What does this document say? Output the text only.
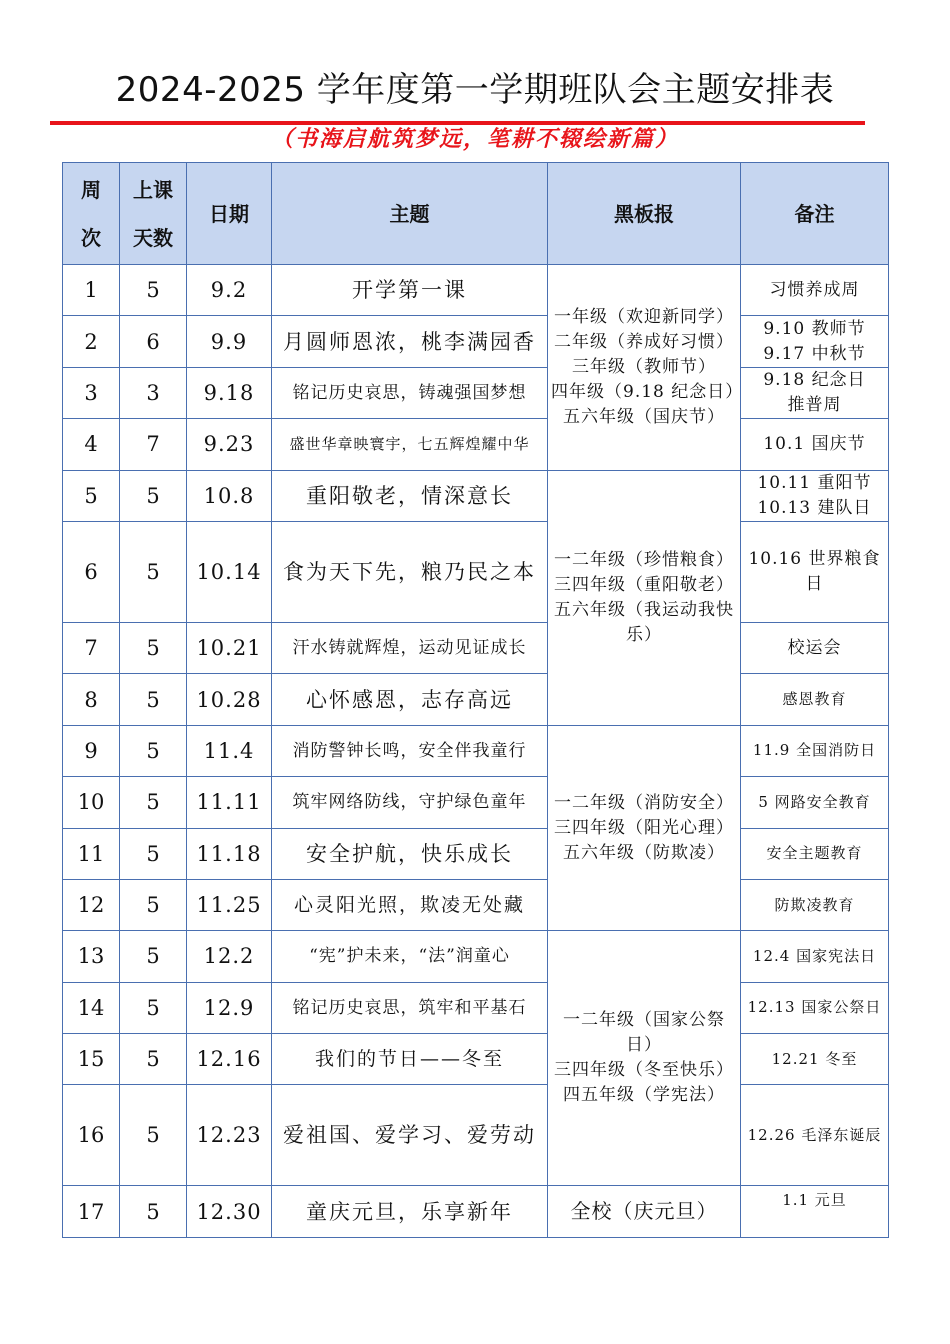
2024-2025 学年度第一学期班队会主题安排表
（书海启航筑梦远，笔耕不辍绘新篇）
周
次	上课
天数	日期	主题	黑板报	备注
1	5	9.2	开学第一课	一年级（欢迎新同学）
二年级（养成好习惯）
三年级（教师节）
四年级（9.18 纪念日）
五六年级（国庆节）	习惯养成周

2	6	9.9	月圆师恩浓，桃李满园香		9.10 教师节
9.17 中秋节

3	3	9.18	铭记历史哀思，铸魂强国梦想		9.18 纪念日
推普周

4	7	9.23	盛世华章映寰宇，七五辉煌耀中华		10.1 国庆节

5	5	10.8	重阳敬老，情深意长	一二年级（珍惜粮食）
三四年级（重阳敬老）
五六年级（我运动我快乐）	10.11 重阳节
10.13 建队日

6	5	10.14	食为天下先，粮乃民之本		10.16 世界粮食日

7	5	10.21	汗水铸就辉煌，运动见证成长		校运会

8	5	10.28	心怀感恩，志存高远		感恩教育

9	5	11.4	消防警钟长鸣，安全伴我童行	一二年级（消防安全）
三四年级（阳光心理）
五六年级（防欺凌）	11.9 全国消防日

10	5	11.11	筑牢网络防线，守护绿色童年		5 网路安全教育

11	5	11.18	安全护航，快乐成长		安全主题教育

12	5	11.25	心灵阳光照，欺凌无处藏		防欺凌教育

13	5	12.2	“宪”护未来，“法”润童心	一二年级（国家公祭日）
三四年级（冬至快乐）
四五年级（学宪法）	12.4 国家宪法日

14	5	12.9	铭记历史哀思，筑牢和平基石		12.13 国家公祭日

15	5	12.16	我们的节日——冬至		12.21 冬至

16	5	12.23	爱祖国、爱学习、爱劳动		12.26 毛泽东诞辰

17	5	12.30	童庆元旦，乐享新年	全校（庆元旦）	1.1 元旦
